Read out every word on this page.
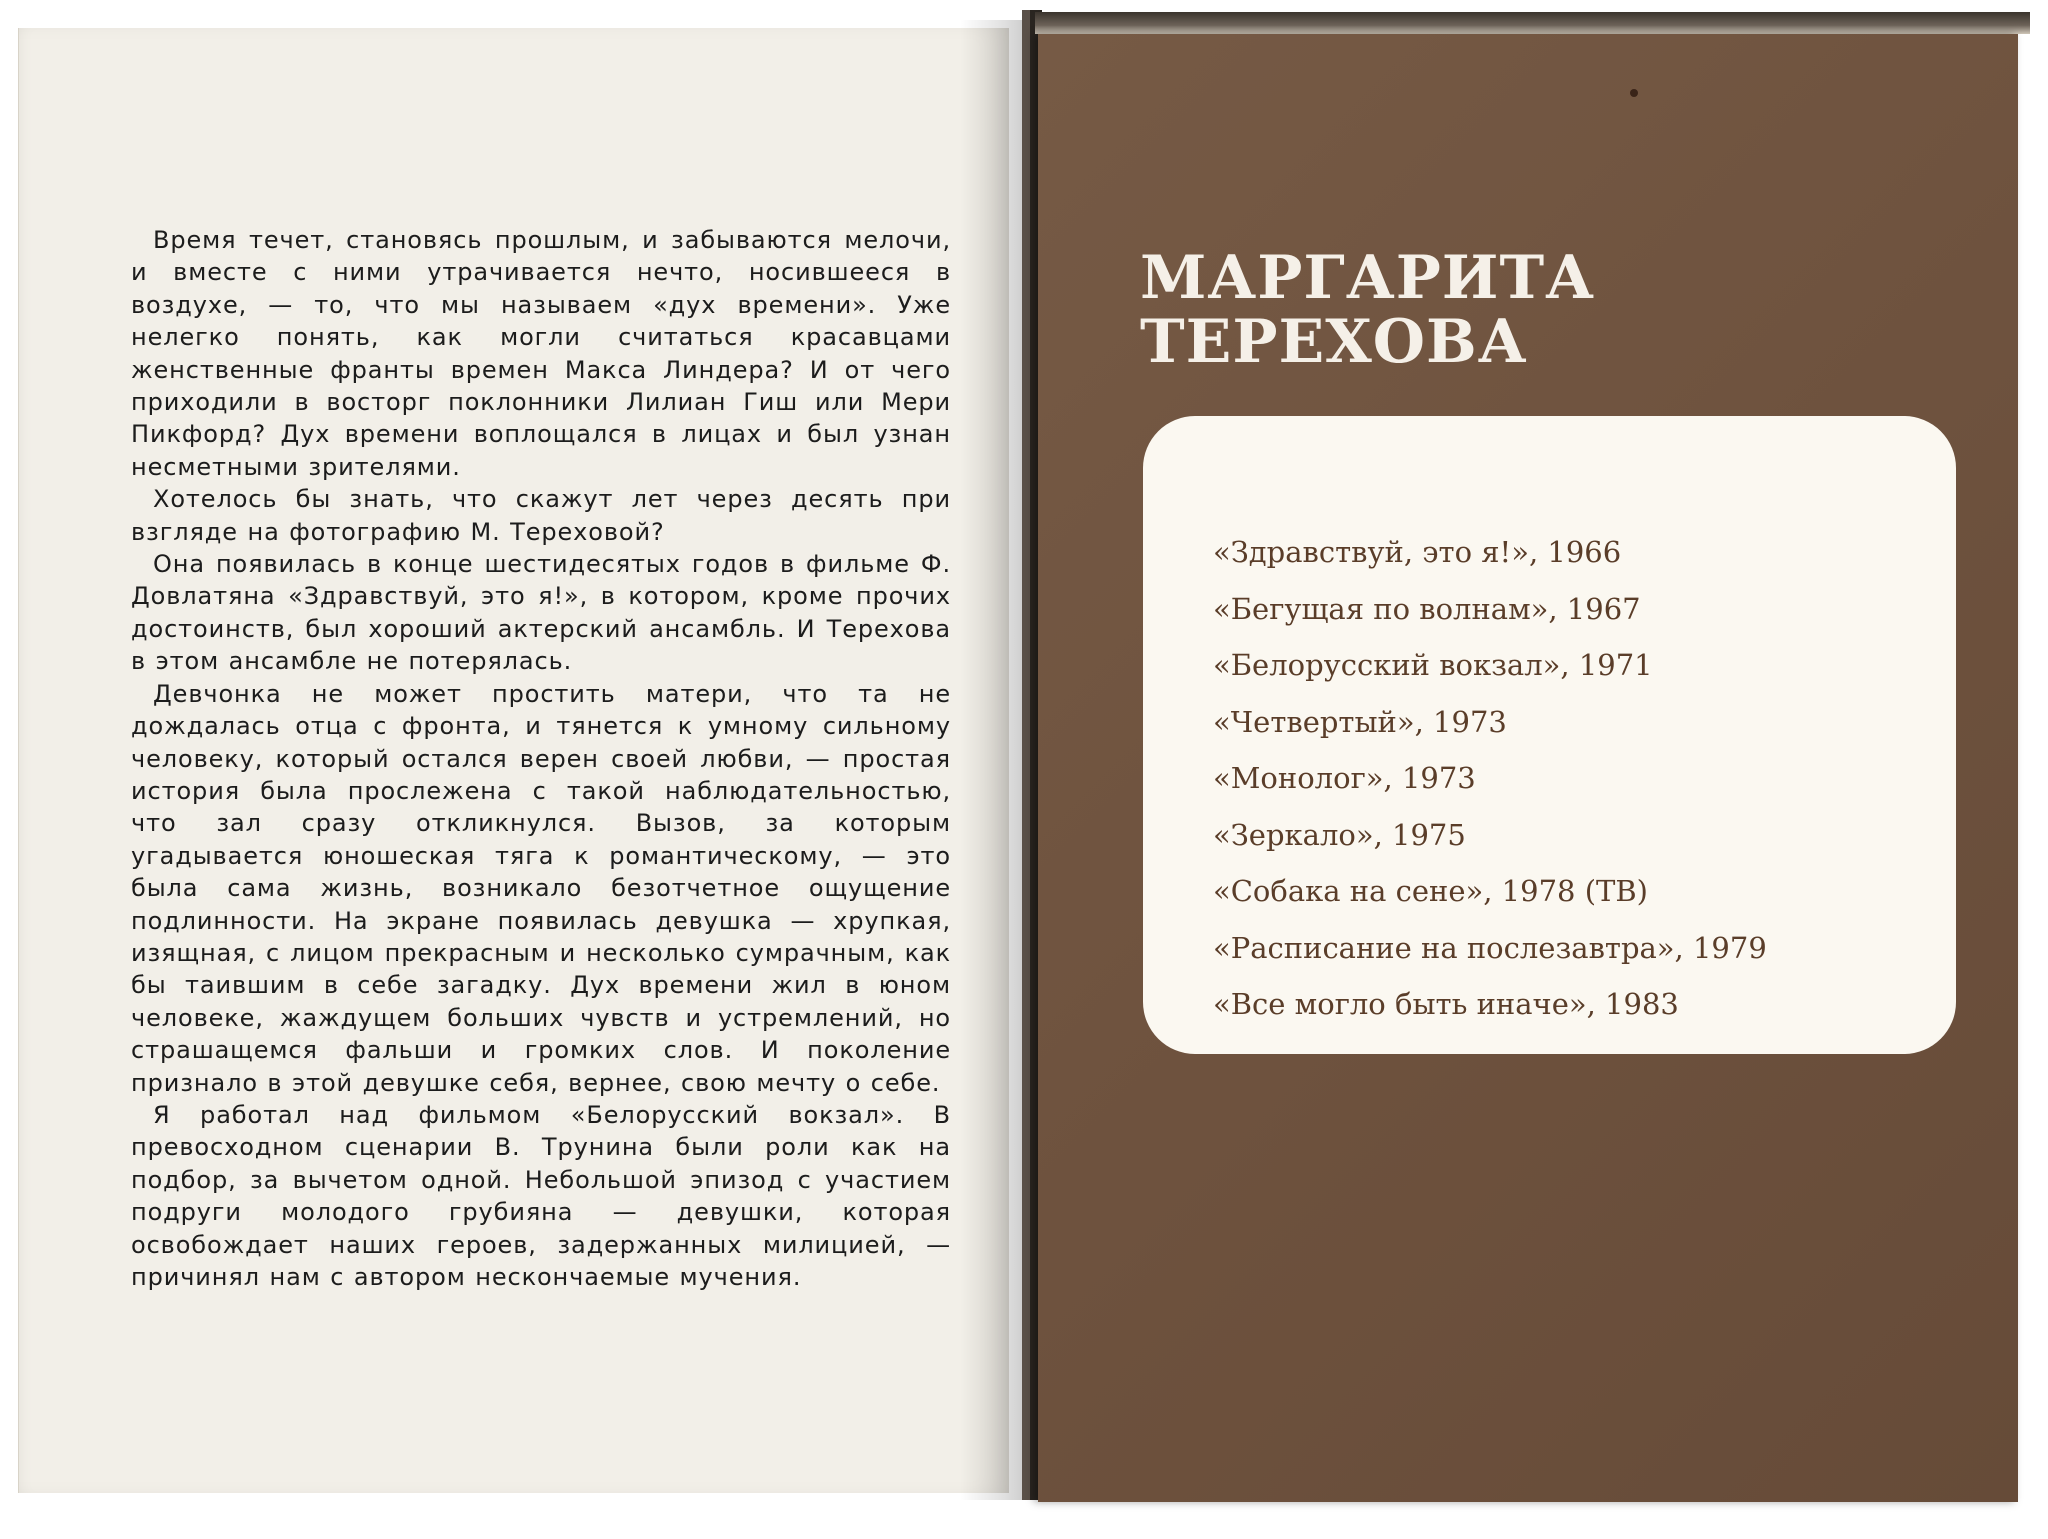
Время течет, становясь прошлым, и забываются мелочи, и вместе с ними утрачивается нечто, носившееся в воздухе, — то, что мы называем «дух времени». Уже нелегко понять, как могли считаться красавцами женственные франты времен Макса Линдера? И от чего приходили в восторг поклонники Лилиан Гиш или Мери Пикфорд? Дух времени воплощался в лицах и был узнан несметными зрителями.

Хотелось бы знать, что скажут лет через десять при взгляде на фотографию М. Тереховой?

Она появилась в конце шестидесятых годов в фильме Ф. Довлатяна «Здравствуй, это я!», в котором, кроме прочих достоинств, был хороший актерский ансамбль. И Терехова в этом ансамбле не потерялась.

Девчонка не может простить матери, что та не дождалась отца с фронта, и тянется к умному сильному человеку, который остался верен своей любви, — простая история была прослежена с такой наблюдательностью, что зал сразу откликнулся. Вызов, за которым угадывается юношеская тяга к романтическому, — это была сама жизнь, возникало безотчетное ощущение подлинности. На экране появилась девушка — хрупкая, изящная, с лицом прекрасным и несколько сумрачным, как бы таившим в себе загадку. Дух времени жил в юном человеке, жаждущем больших чувств и устремлений, но страшащемся фальши и громких слов. И поколение признало в этой девушке себя, вернее, свою мечту о себе.

Я работал над фильмом «Белорусский вокзал». В превосходном сценарии В. Трунина были роли как на подбор, за вычетом одной. Небольшой эпизод с участием подруги молодого грубияна — девушки, которая освобождает наших героев, задержанных милицией, — причинял нам с автором нескончаемые мучения.

МАРГАРИТА
ТЕРЕХОВА
«Здравствуй, это я!», 1966
«Бегущая по волнам», 1967
«Белорусский вокзал», 1971
«Четвертый», 1973
«Монолог», 1973
«Зеркало», 1975
«Собака на сене», 1978 (ТВ)
«Расписание на послезавтра», 1979
«Все могло быть иначе», 1983
